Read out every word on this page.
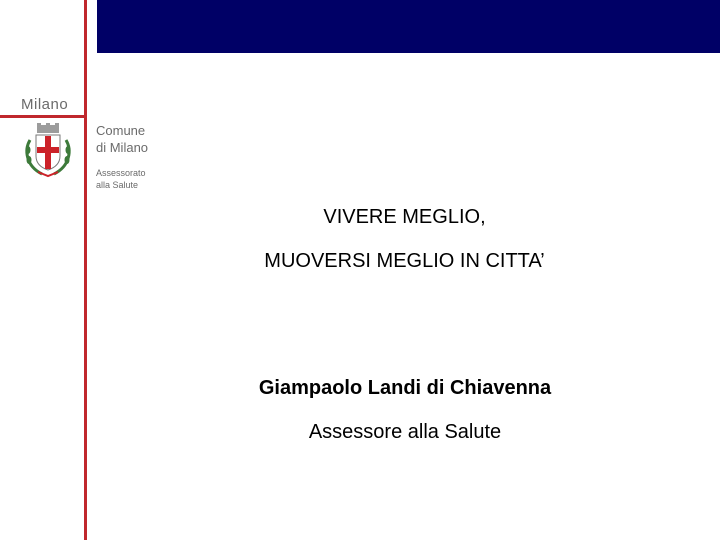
Milano
Comune
di Milano
Assessorato
alla Salute
VIVERE MEGLIO,
MUOVERSI MEGLIO IN CITTA’
Giampaolo Landi di Chiavenna
Assessore alla Salute
